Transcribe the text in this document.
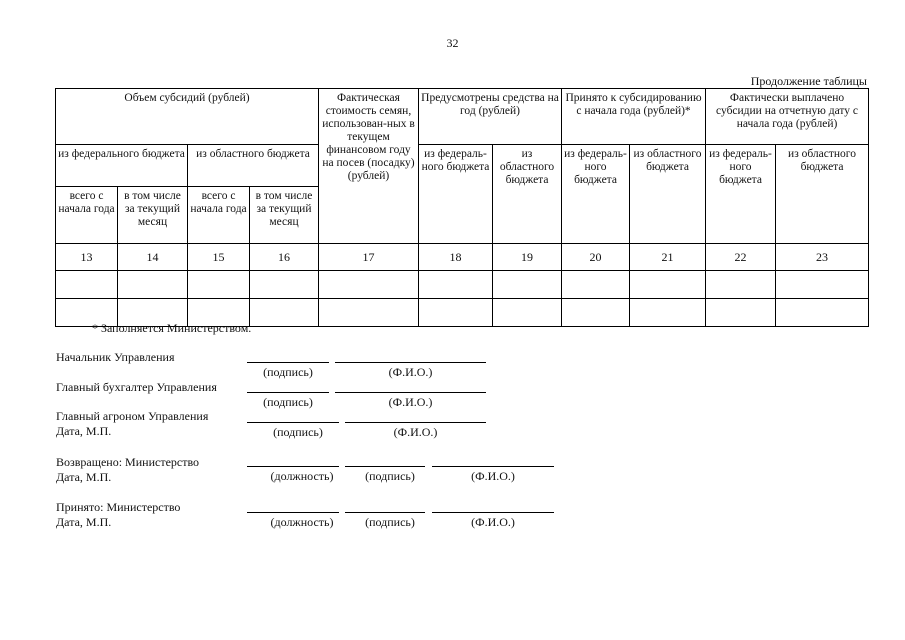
32
Продолжение таблицы
Объем субсидий (рублей)				Фактическая стоимость семян, использован-ных в текущем финансовом году на посев (посадку) (рублей)	Предусмотрены средства на год (рублей)		Принято к субсидированию с начала года (рублей)*		Фактически выплачено субсидии на отчетную дату с начала года (рублей)	
из федерального бюджета		из областного бюджета			из федераль-ного бюджета	из областного бюджета	из федераль-ного бюджета	из областного бюджета	из федераль-ного бюджета	из областного бюджета
всего с начала года	в том числе за текущий месяц	всего с начала года	в том числе за текущий месяц							
13	14	15	16	17	18	19	20	21	22	23

* Заполняется Министерством.
Начальник Управления
(подпись)	(Ф.И.О.)
Главный бухгалтер Управления
(подпись)	(Ф.И.О.)
Главный агроном Управления
Дата, М.П.	(подпись)	(Ф.И.О.)
Возвращено: Министерство
Дата, М.П.	(должность)	(подпись)	(Ф.И.О.)
Принято: Министерство
Дата, М.П.	(должность)	(подпись)	(Ф.И.О.)
